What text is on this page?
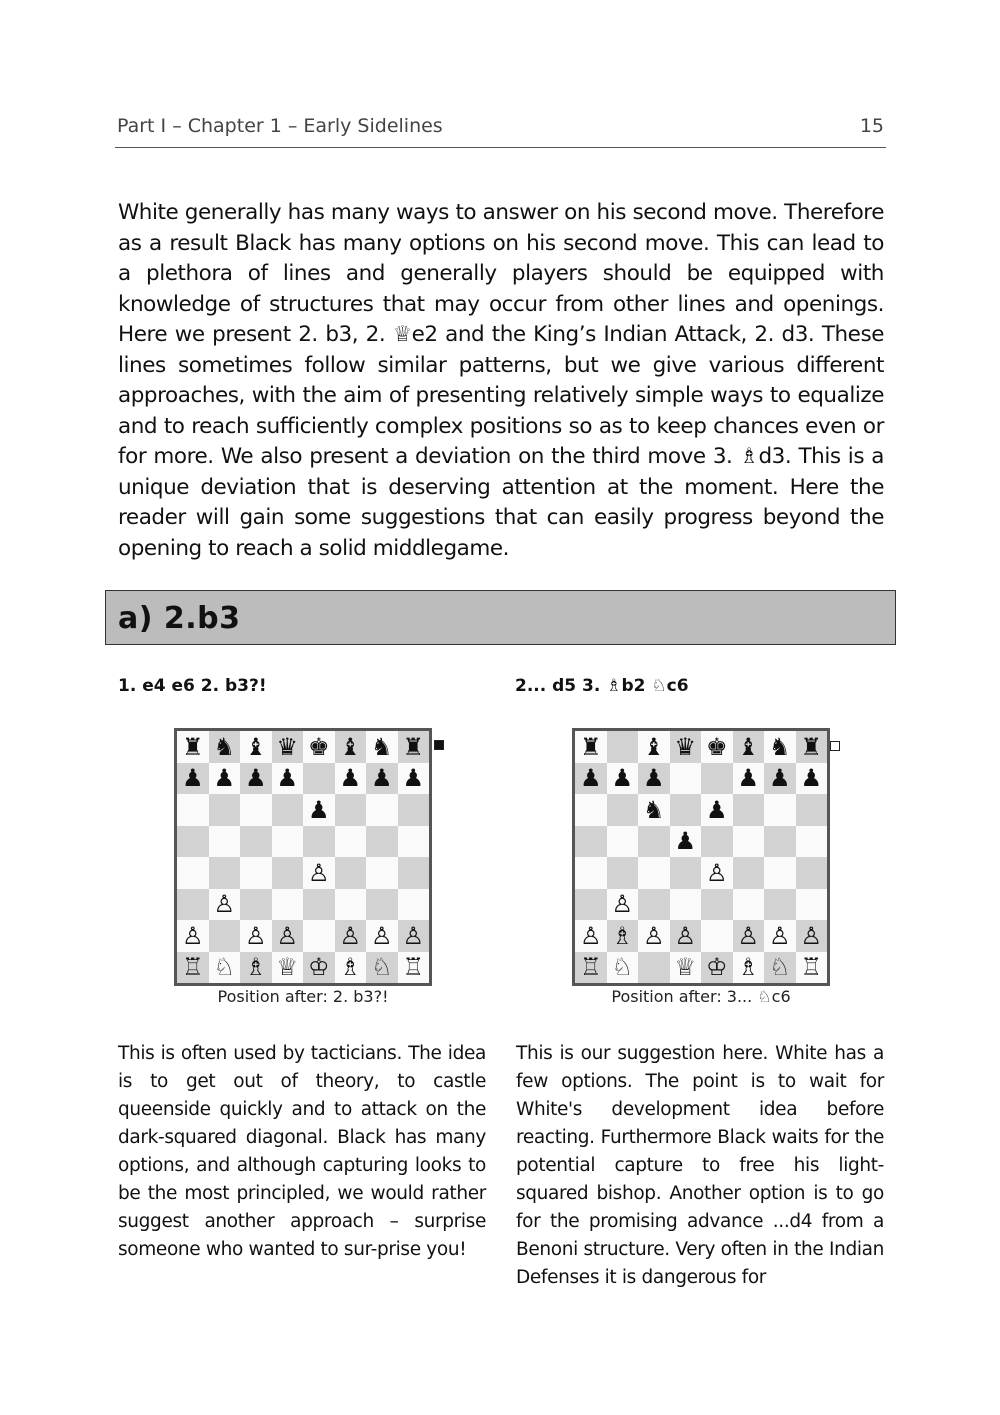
Part I – Chapter 1 – Early Sidelines	15

White generally has many ways to answer on his second move. Therefore as a result Black has many options on his second move. This can lead to a plethora of lines and generally players should be equipped with knowledge of structures that may occur from other lines and openings. Here we present 2. b3, 2. ♕e2 and the King’s Indian Attack, 2. d3. These lines sometimes follow similar patterns, but we give various different approaches, with the aim of presenting relatively simple ways to equalize and to reach sufficiently complex positions so as to keep chances even or for more. We also present a deviation on the third move 3. ♗d3. This is a unique deviation that is deserving attention at the moment. Here the reader will gain some suggestions that can easily progress beyond the opening to reach a solid middlegame.

a) 2.b3
1. e4 e6 2. b3?!	2... d5 3. ♗b2 ♘c6
♜ ♞ ♝ ♛ ♚ ♝ ♞ ♜
♟ ♟ ♟ ♟ ♟ ♟ ♟
♟
♙
♙
♙ ♙ ♙ ♙ ♙ ♙
♖ ♘ ♗ ♕ ♔ ♗ ♘ ♖
♜ ♝ ♛ ♚ ♝ ♞ ♜
♟ ♟ ♟	♟ ♟ ♟
♞ ♟
♟
♙
♙
♙ ♗ ♙ ♙ ♙ ♙ ♙
♖ ♘ ♕ ♔ ♗ ♘ ♖
Position after: 2. b3?!	Position after: 3... ♘c6

This is often used by tacticians. The idea is to get out of theory, to castle queenside quickly and to attack on the dark-squared diagonal. Black has many options, and although capturing looks to be the most principled, we would rather suggest another approach – surprise someone who wanted to sur-prise you!

This is our suggestion here. White has a few options. The point is to wait for White's development idea before reacting. Furthermore Black waits for the potential capture to free his light-squared bishop. Another option is to go for the promising advance ...d4 from a Benoni structure. Very often in the Indian Defenses it is dangerous for
